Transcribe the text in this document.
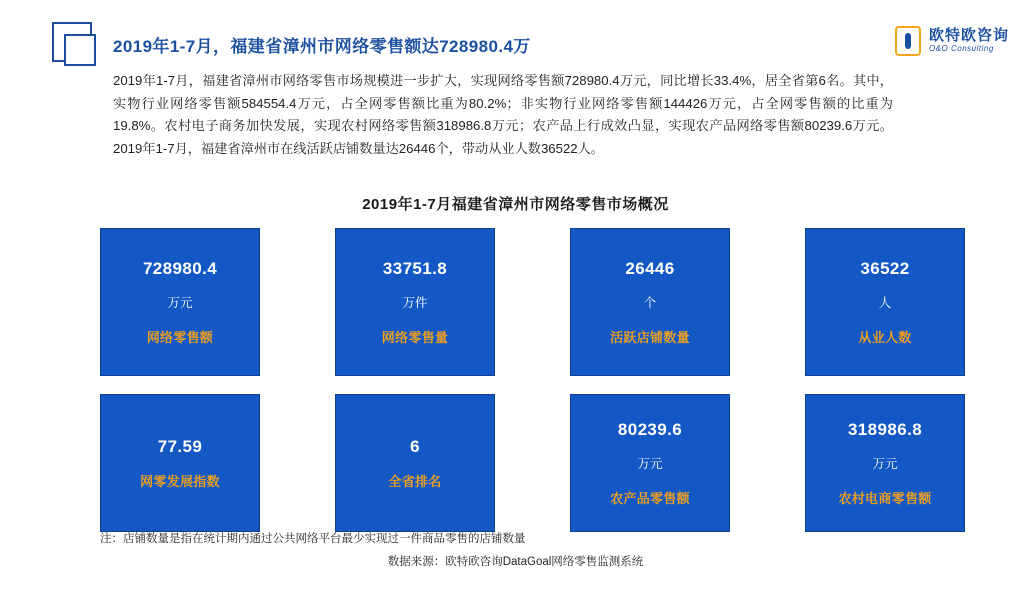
欧特欧咨询
O&O Consulting
2019年1-7月，福建省漳州市网络零售额达728980.4万
2019年1-7月，福建省漳州市网络零售市场规模进一步扩大，实现网络零售额728980.4万元，同比增长33.4%，居全省第6名。其中，实物行业网络零售额584554.4万元，占全网零售额比重为80.2%；非实物行业网络零售额144426万元，占全网零售额的比重为19.8%。农村电子商务加快发展，实现农村网络零售额318986.8万元；农产品上行成效凸显，实现农产品网络零售额80239.6万元。2019年1-7月，福建省漳州市在线活跃店铺数量达26446个，带动从业人数36522人。
2019年1-7月福建省漳州市网络零售市场概况
728980.4
万元
网络零售额
33751.8
万件
网络零售量
26446
个
活跃店铺数量
36522
人
从业人数
77.59
网零发展指数
6
全省排名
80239.6
万元
农产品零售额
318986.8
万元
农村电商零售额
注：店铺数量是指在统计期内通过公共网络平台最少实现过一件商品零售的店铺数量
数据来源：欧特欧咨询DataGoal网络零售监测系统
